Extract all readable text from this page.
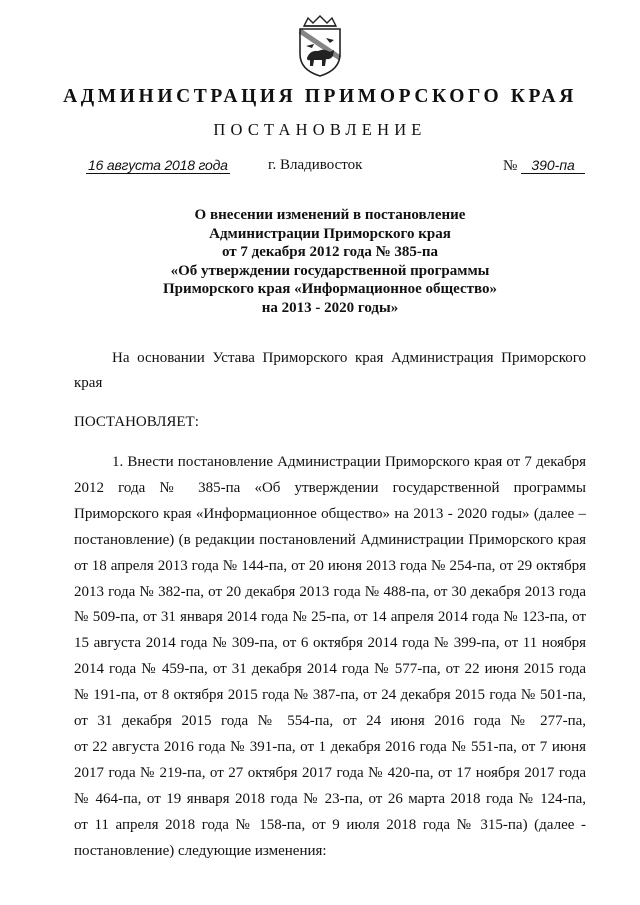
АДМИНИСТРАЦИЯ ПРИМОРСКОГО КРАЯ
ПОСТАНОВЛЕНИЕ
16 августа 2018 года	г. Владивосток	№ 390-па
О внесении изменений в постановление
Администрации Приморского края
от 7 декабря 2012 года № 385-па
«Об утверждении государственной программы
Приморского края «Информационное общество»
на 2013 - 2020 годы»
На основании Устава Приморского края Администрация Приморского
края
ПОСТАНОВЛЯЕТ:
1. Внести постановление Администрации Приморского края от 7 декабря
2012 года № 385-па «Об утверждении государственной программы
Приморского края «Информационное общество» на 2013 - 2020 годы» (далее –
постановление) (в редакции постановлений Администрации Приморского края
от 18 апреля 2013 года № 144-па, от 20 июня 2013 года № 254-па, от 29 октября
2013 года № 382-па, от 20 декабря 2013 года № 488-па, от 30 декабря 2013 года
№ 509-па, от 31 января 2014 года № 25-па, от 14 апреля 2014 года № 123-па, от
15 августа 2014 года № 309-па, от 6 октября 2014 года № 399-па, от 11 ноября
2014 года № 459-па, от 31 декабря 2014 года № 577-па, от 22 июня 2015 года
№ 191-па, от 8 октября 2015 года № 387-па, от 24 декабря 2015 года № 501-па,
от 31 декабря 2015 года № 554-па, от 24 июня 2016 года № 277-па,
от 22 августа 2016 года № 391-па, от 1 декабря 2016 года № 551-па, от 7 июня
2017 года № 219-па, от 27 октября 2017 года № 420-па, от 17 ноября 2017 года
№ 464-па, от 19 января 2018 года № 23-па, от 26 марта 2018 года № 124-па,
от 11 апреля 2018 года № 158-па, от 9 июля 2018 года № 315-па) (далее -
постановление) следующие изменения:
